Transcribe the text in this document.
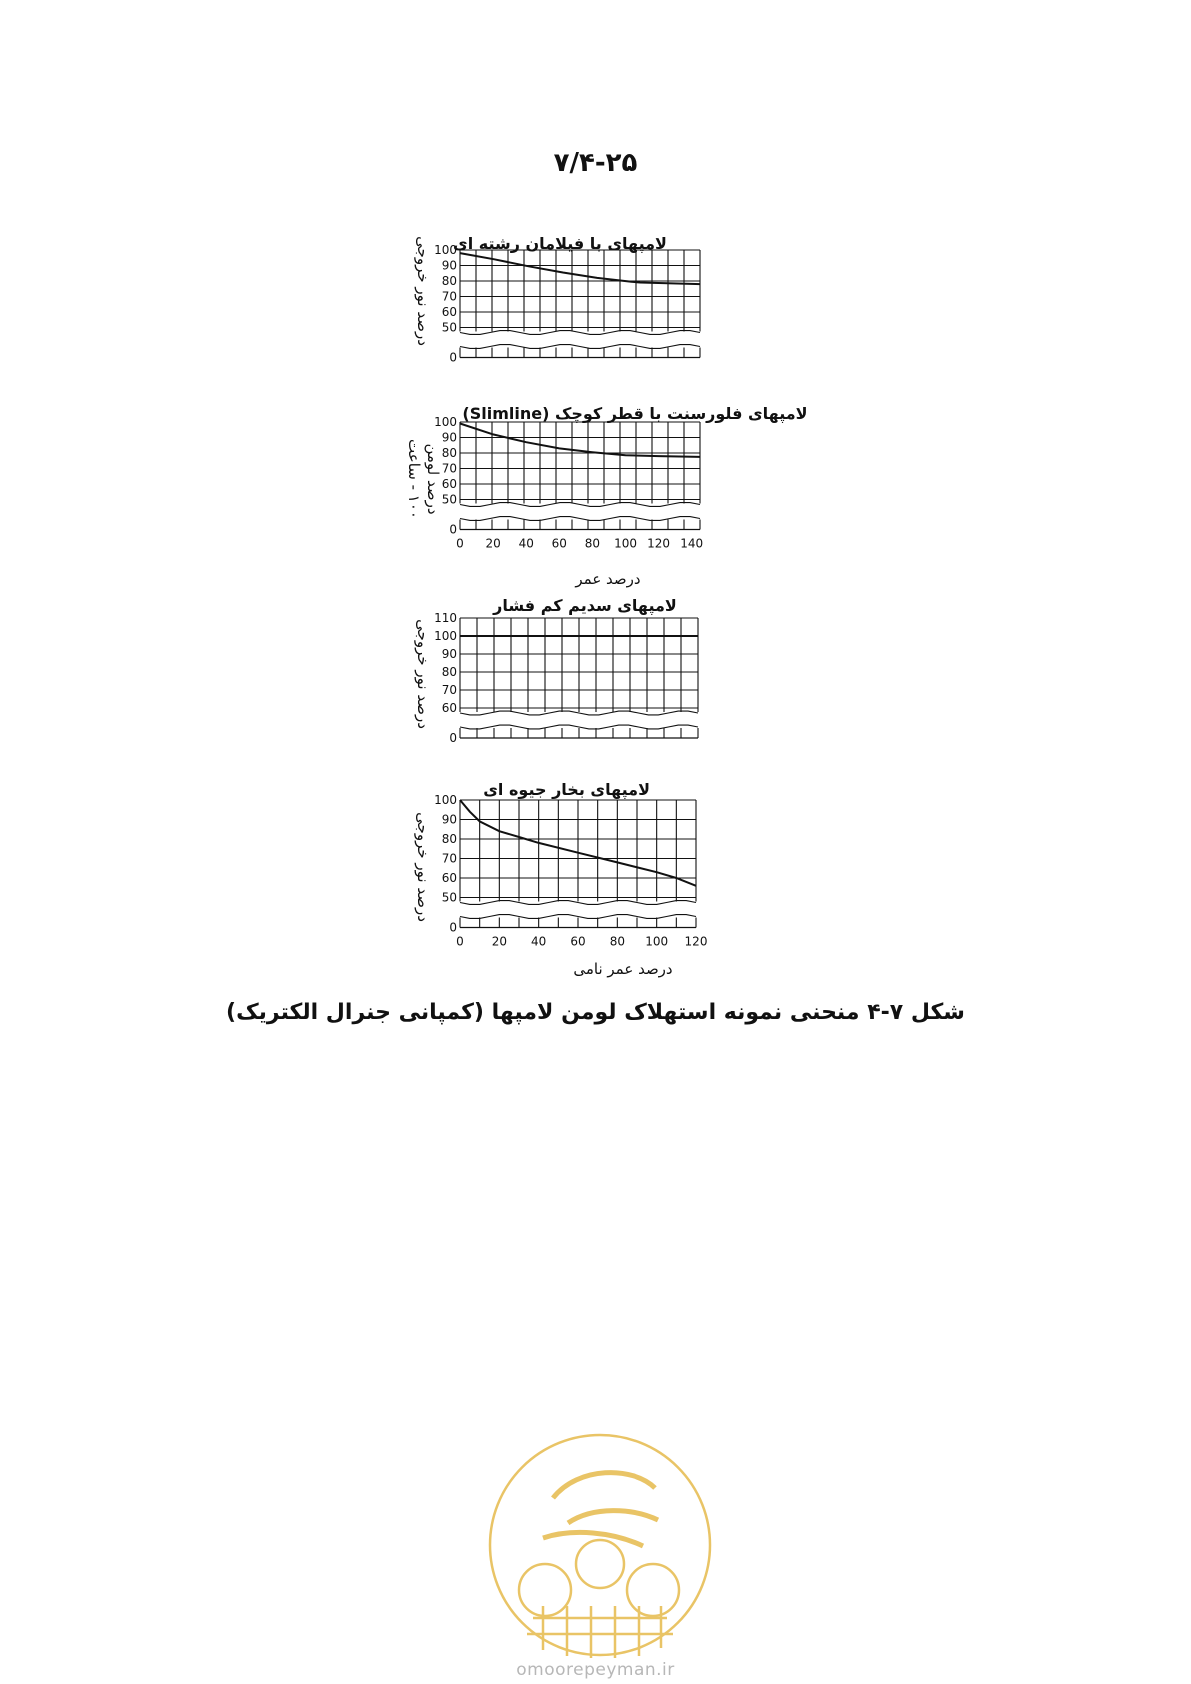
۷/۴-۲۵
لامپهای با فیلامان رشته ای
درصد نور خروجی 100
90
80
70
60
50
0
لامپهای فلورسنت با قطر کوچک (Slimline)
درصد لومن
۱۰۰ - ساعت
100
90
80
70
60
50
0
0 20 40 60 80 100 120 140
درصد عمر
لامپهای سدیم کم فشار
درصد نور خروجی
110
100
90
80
70
60
0
لامپهای بخار جیوه ای
درصد نور خروجی
100
90
80
70
60
50
0
0 20 40 60 80 100 120
درصد عمر نامی
شکل ۷-۴ منحنی نمونه استهلاک لومن لامپها (کمپانی جنرال الکتریک)
omoorepeyman.ir
